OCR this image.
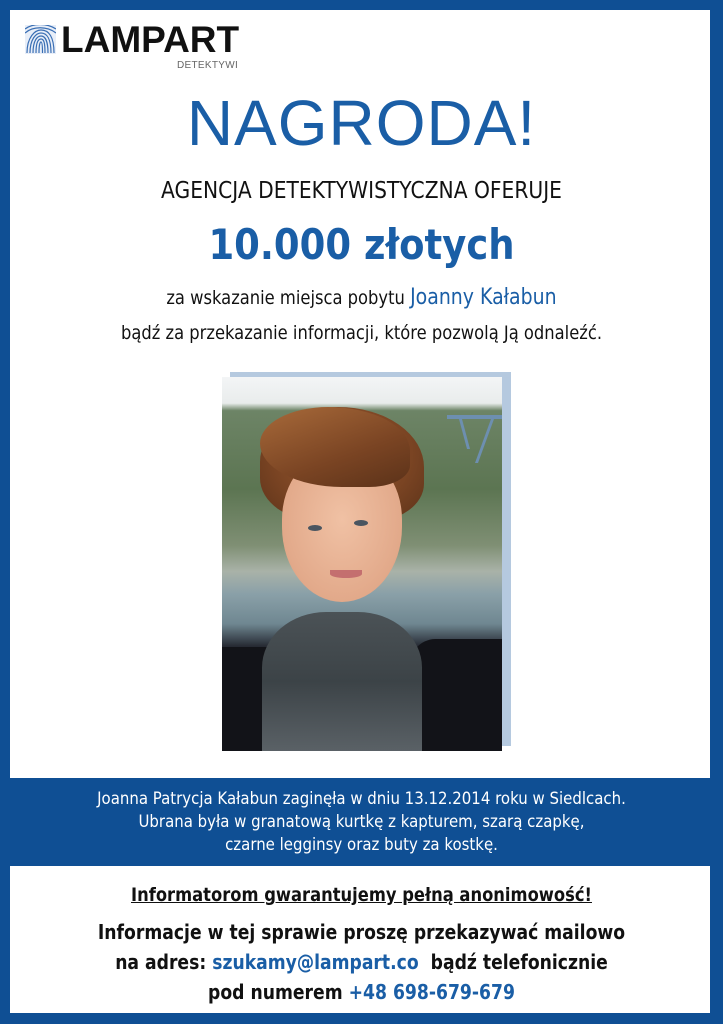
LAMPART
DETEKTYWI
NAGRODA!
AGENCJA DETEKTYWISTYCZNA OFERUJE
10.000 złotych
za wskazanie miejsca pobytu Joanny Kałabun
bądź za przekazanie informacji, które pozwolą Ją odnaleźć.
Joanna Patrycja Kałabun zaginęła w dniu 13.12.2014 roku w Siedlcach.
Ubrana była w granatową kurtkę z kapturem, szarą czapkę,
czarne legginsy oraz buty za kostkę.
Informatorom gwarantujemy pełną anonimowość!
Informacje w tej sprawie proszę przekazywać mailowo
na adres: szukamy@lampart.co  bądź telefonicznie
pod numerem +48 698-679-679
